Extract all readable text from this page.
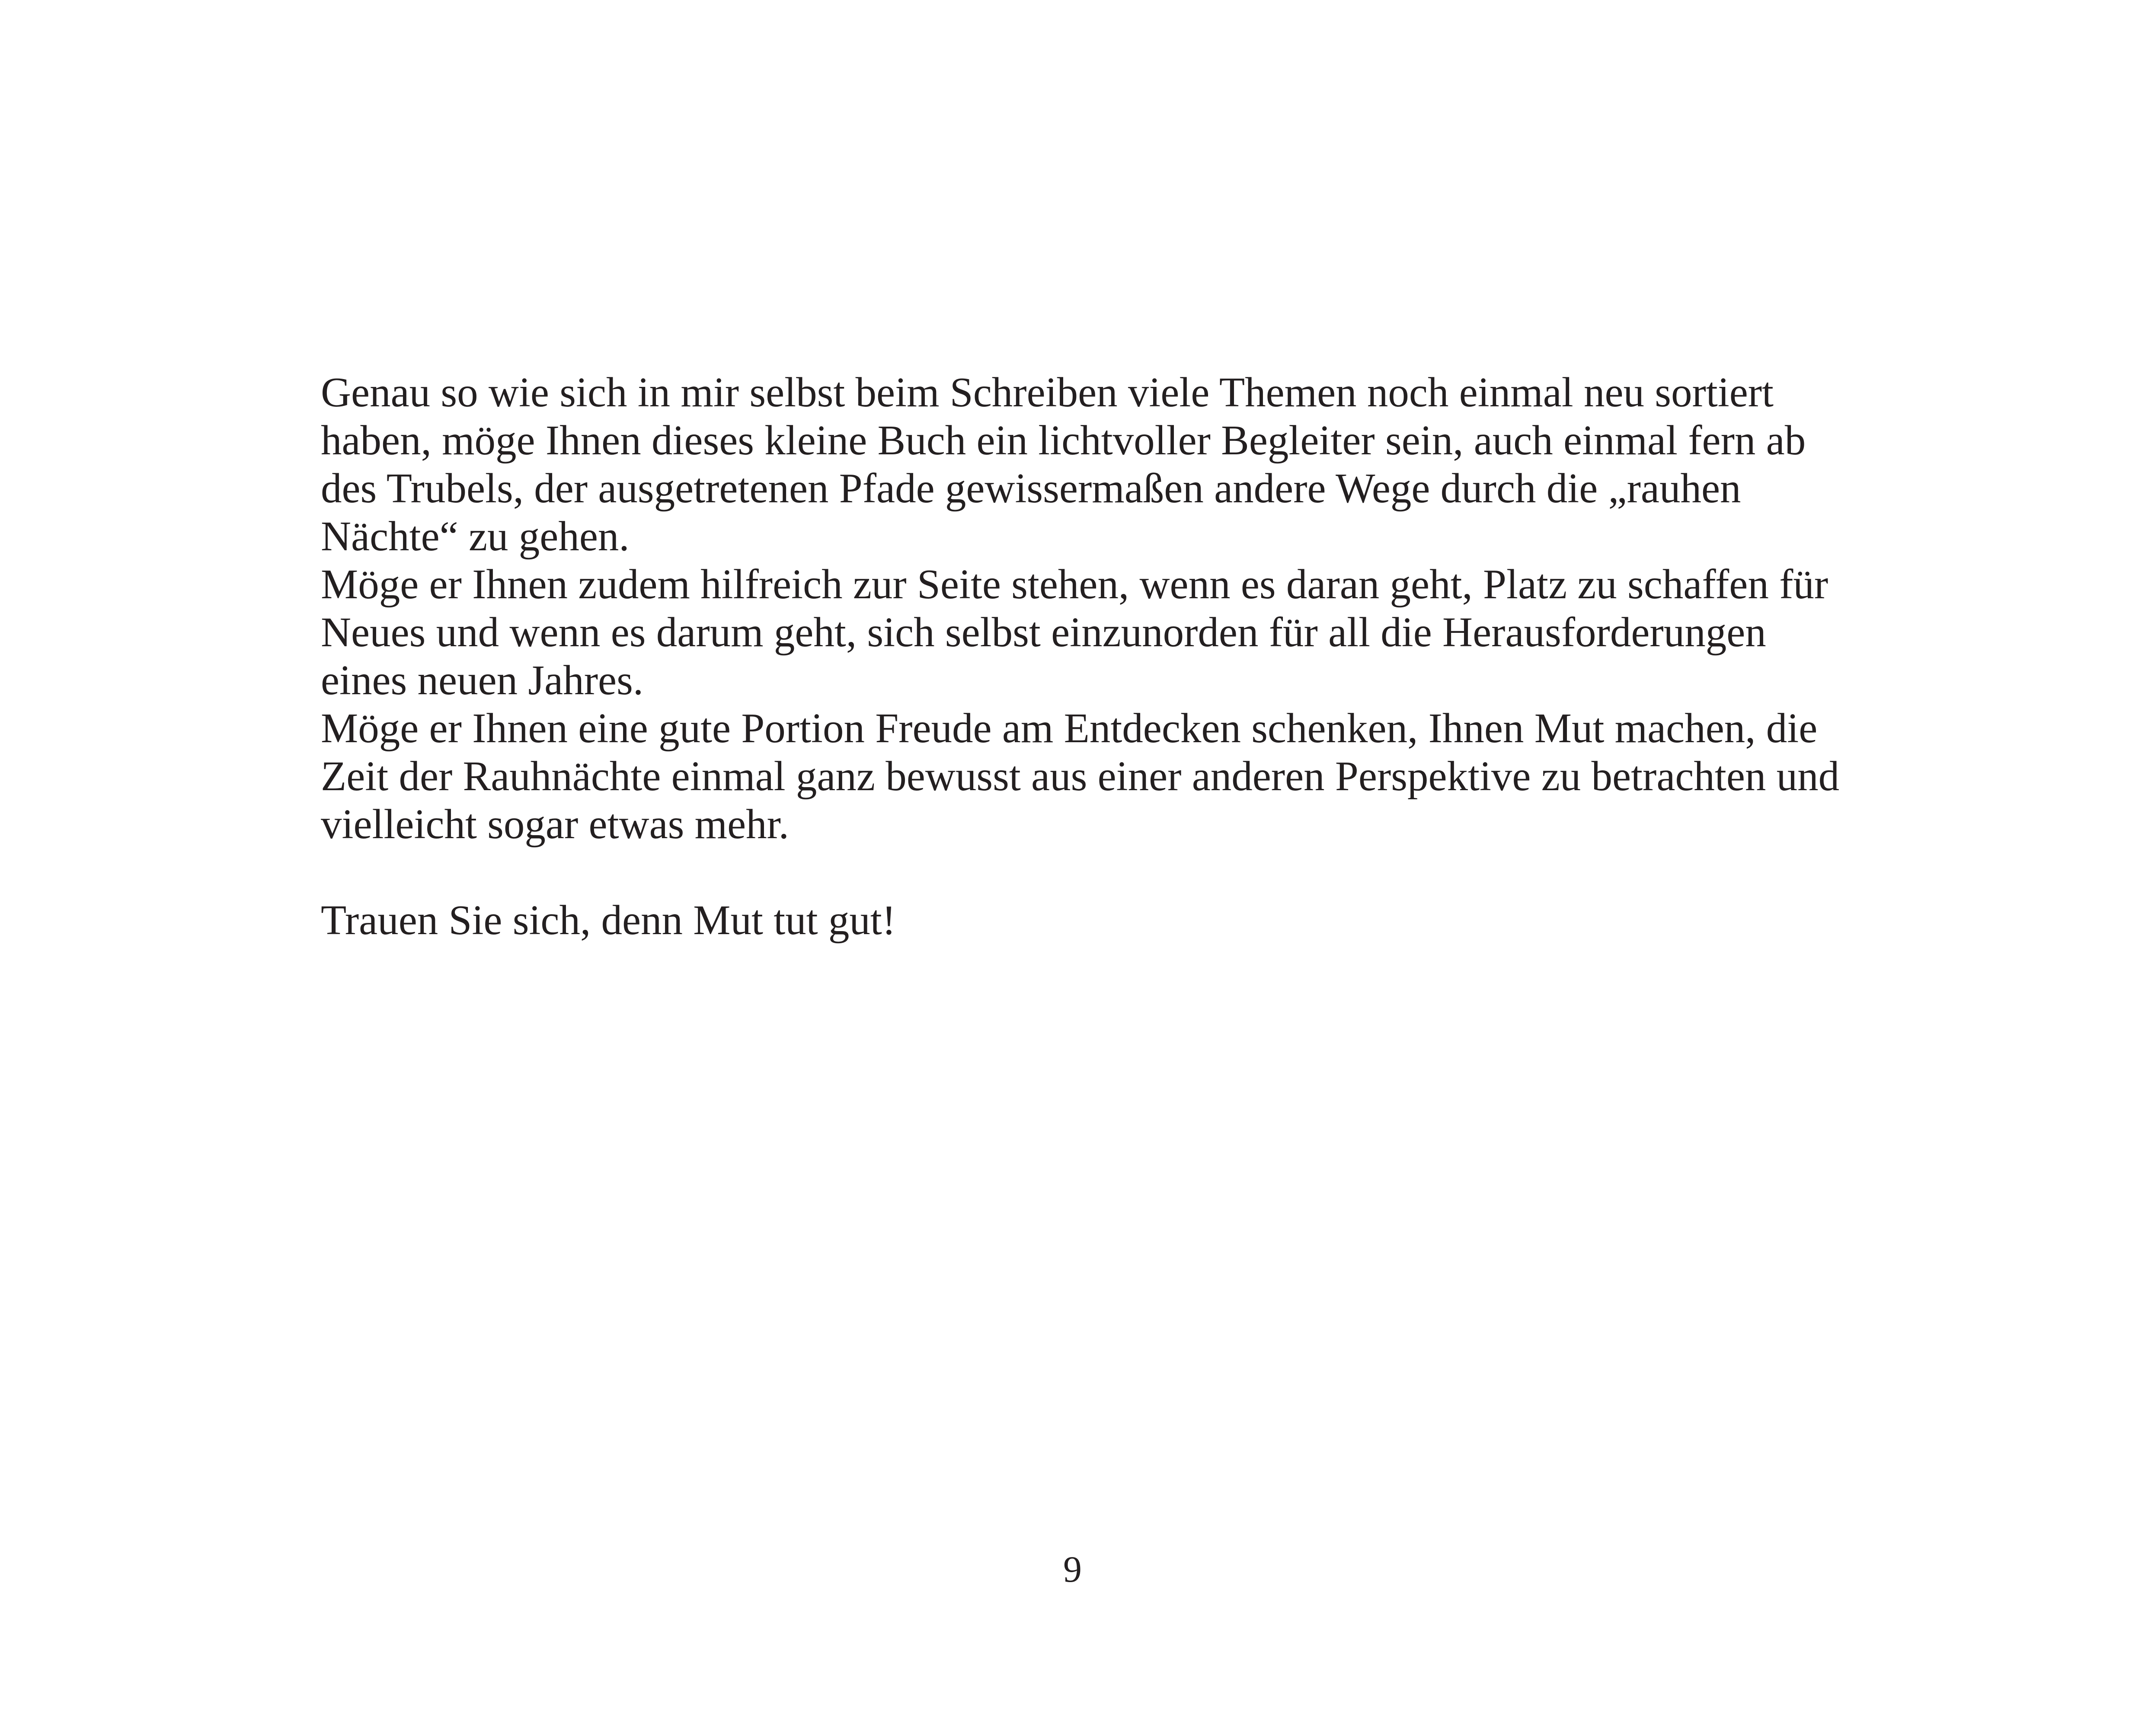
Genau so wie sich in mir selbst beim Schreiben viele Themen noch einmal neu sortiert
haben, möge Ihnen dieses kleine Buch ein lichtvoller Begleiter sein, auch einmal fern ab
des Trubels, der ausgetretenen Pfade gewissermaßen andere Wege durch die „rauhen
Nächte“ zu gehen.
Möge er Ihnen zudem hilfreich zur Seite stehen, wenn es daran geht, Platz zu schaffen für
Neues und wenn es darum geht, sich selbst einzunorden für all die Herausforderungen
eines neuen Jahres.
Möge er Ihnen eine gute Portion Freude am Entdecken schenken, Ihnen Mut machen, die
Zeit der Rauhnächte einmal ganz bewusst aus einer anderen Perspektive zu betrachten und
vielleicht sogar etwas mehr.
Trauen Sie sich, denn Mut tut gut!
9
